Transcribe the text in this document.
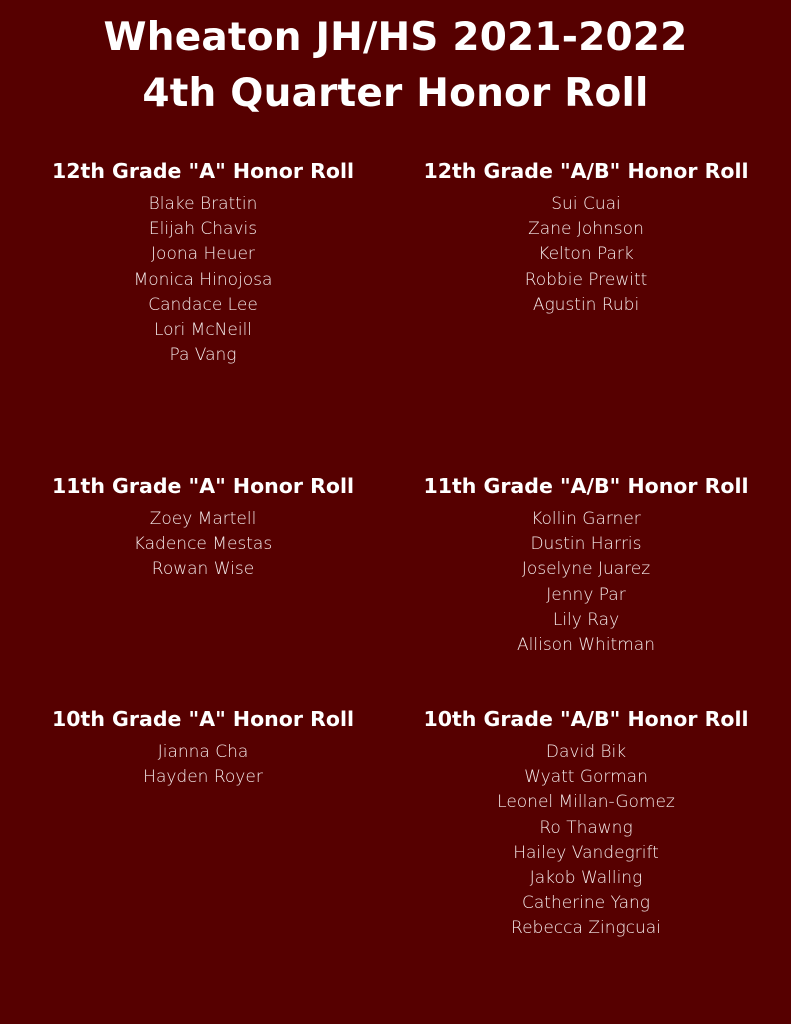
Wheaton JH/HS 2021-2022
4th Quarter Honor Roll
12th Grade "A" Honor Roll
Blake Brattin
Elijah Chavis
Joona Heuer
Monica Hinojosa
Candace Lee
Lori McNeill
Pa Vang
12th Grade "A/B" Honor Roll
Sui Cuai
Zane Johnson
Kelton Park
Robbie Prewitt
Agustin Rubi
11th Grade "A" Honor Roll
Zoey Martell
Kadence Mestas
Rowan Wise
11th Grade "A/B" Honor Roll
Kollin Garner
Dustin Harris
Joselyne Juarez
Jenny Par
Lily Ray
Allison Whitman
10th Grade "A" Honor Roll
Jianna Cha
Hayden Royer
10th Grade "A/B" Honor Roll
David Bik
Wyatt Gorman
Leonel Millan-Gomez
Ro Thawng
Hailey Vandegrift
Jakob Walling
Catherine Yang
Rebecca Zingcuai
